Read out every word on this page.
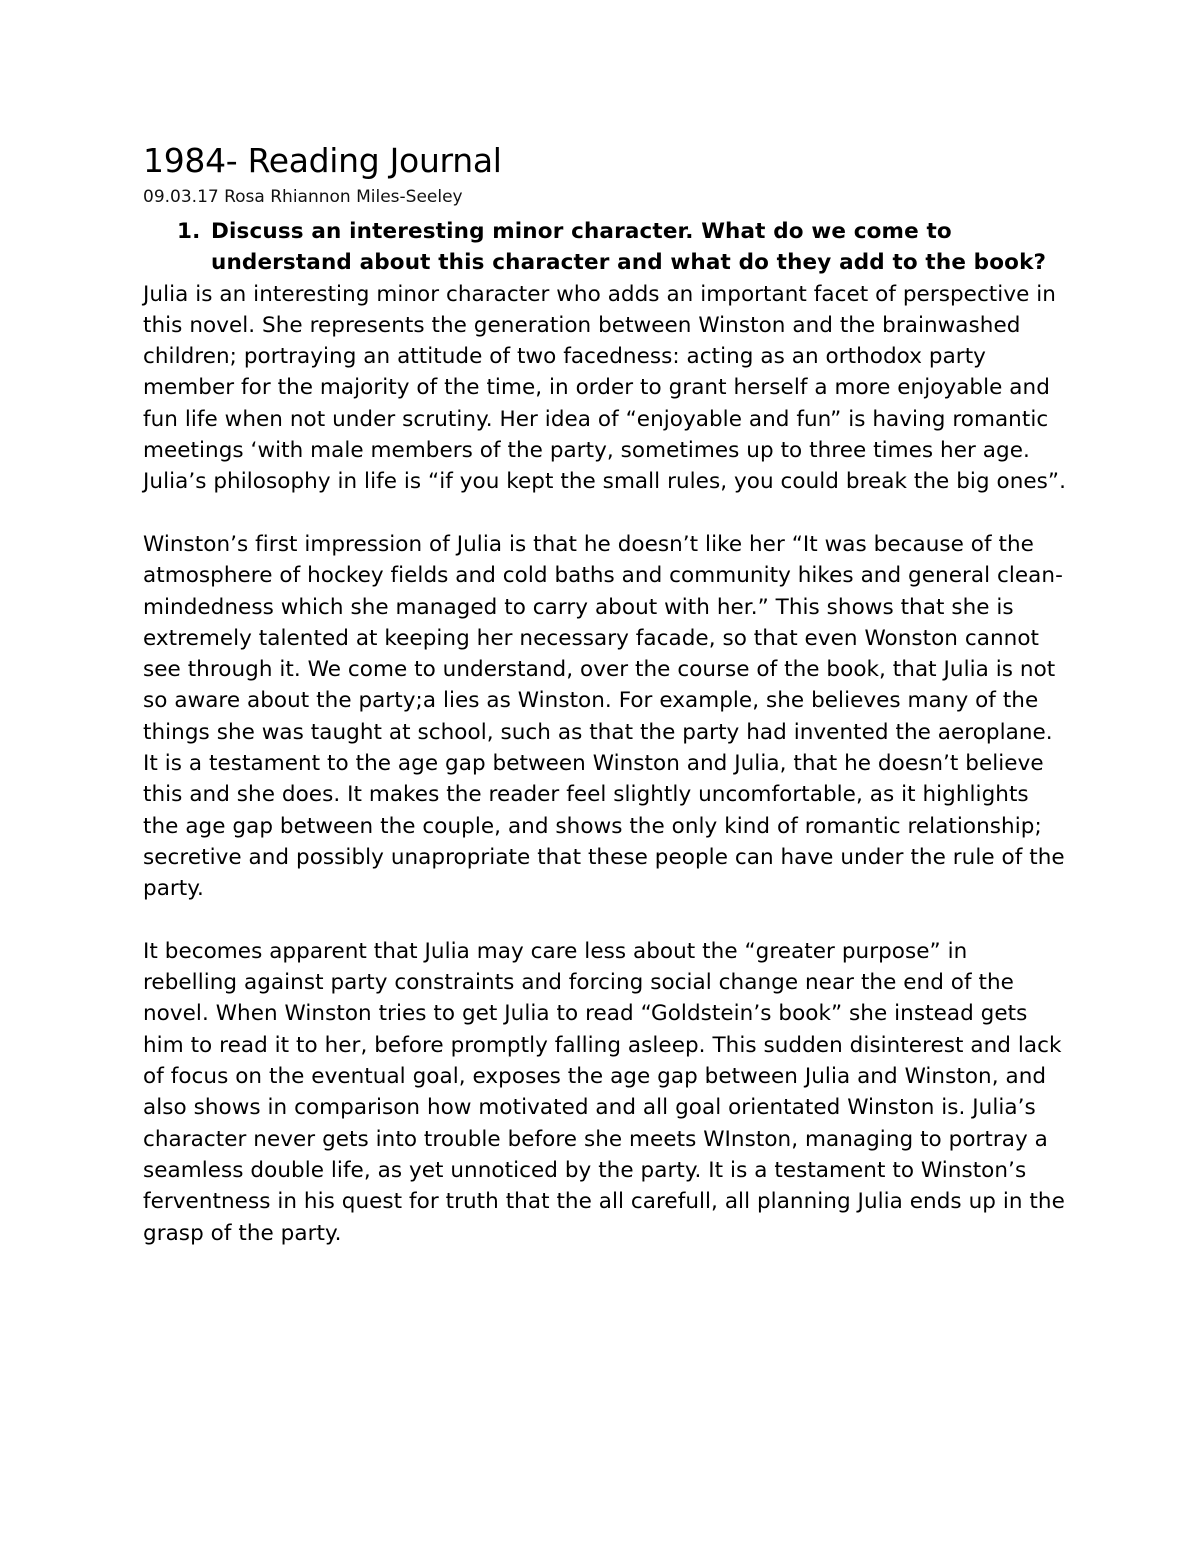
1984- Reading Journal

09.03.17 Rosa Rhiannon Miles-Seeley

1. Discuss an interesting minor character. What do we come to understand about this character and what do they add to the book?

Julia is an interesting minor character who adds an important facet of perspective in this novel. She represents the generation between Winston and the brainwashed children; portraying an attitude of two facedness: acting as an orthodox party member for the majority of the time, in order to grant herself a more enjoyable and fun life when not under scrutiny. Her idea of “enjoyable and fun” is having romantic meetings ‘with male members of the party, sometimes up to three times her age. Julia’s philosophy in life is “if you kept the small rules, you could break the big ones”.

Winston’s first impression of Julia is that he doesn’t like her “It was because of the atmosphere of hockey fields and cold baths and community hikes and general clean-mindedness which she managed to carry about with her.” This shows that she is extremely talented at keeping her necessary facade, so that even Wonston cannot see through it. We come to understand, over the course of the book, that Julia is not so aware about the party;a lies as Winston. For example, she believes many of the things she was taught at school, such as that the party had invented the aeroplane. It is a testament to the age gap between Winston and Julia, that he doesn’t believe this and she does. It makes the reader feel slightly uncomfortable, as it highlights the age gap between the couple, and shows the only kind of romantic relationship; secretive and possibly unapropriate that these people can have under the rule of the party.

It becomes apparent that Julia may care less about the “greater purpose” in rebelling against party constraints and forcing social change near the end of the novel. When Winston tries to get Julia to read “Goldstein’s book” she instead gets him to read it to her, before promptly falling asleep. This sudden disinterest and lack of focus on the eventual goal, exposes the age gap between Julia and Winston, and also shows in comparison how motivated and all goal orientated Winston is. Julia’s character never gets into trouble before she meets WInston, managing to portray a seamless double life, as yet unnoticed by the party. It is a testament to Winston’s ferventness in his quest for truth that the all carefull, all planning Julia ends up in the grasp of the party.
